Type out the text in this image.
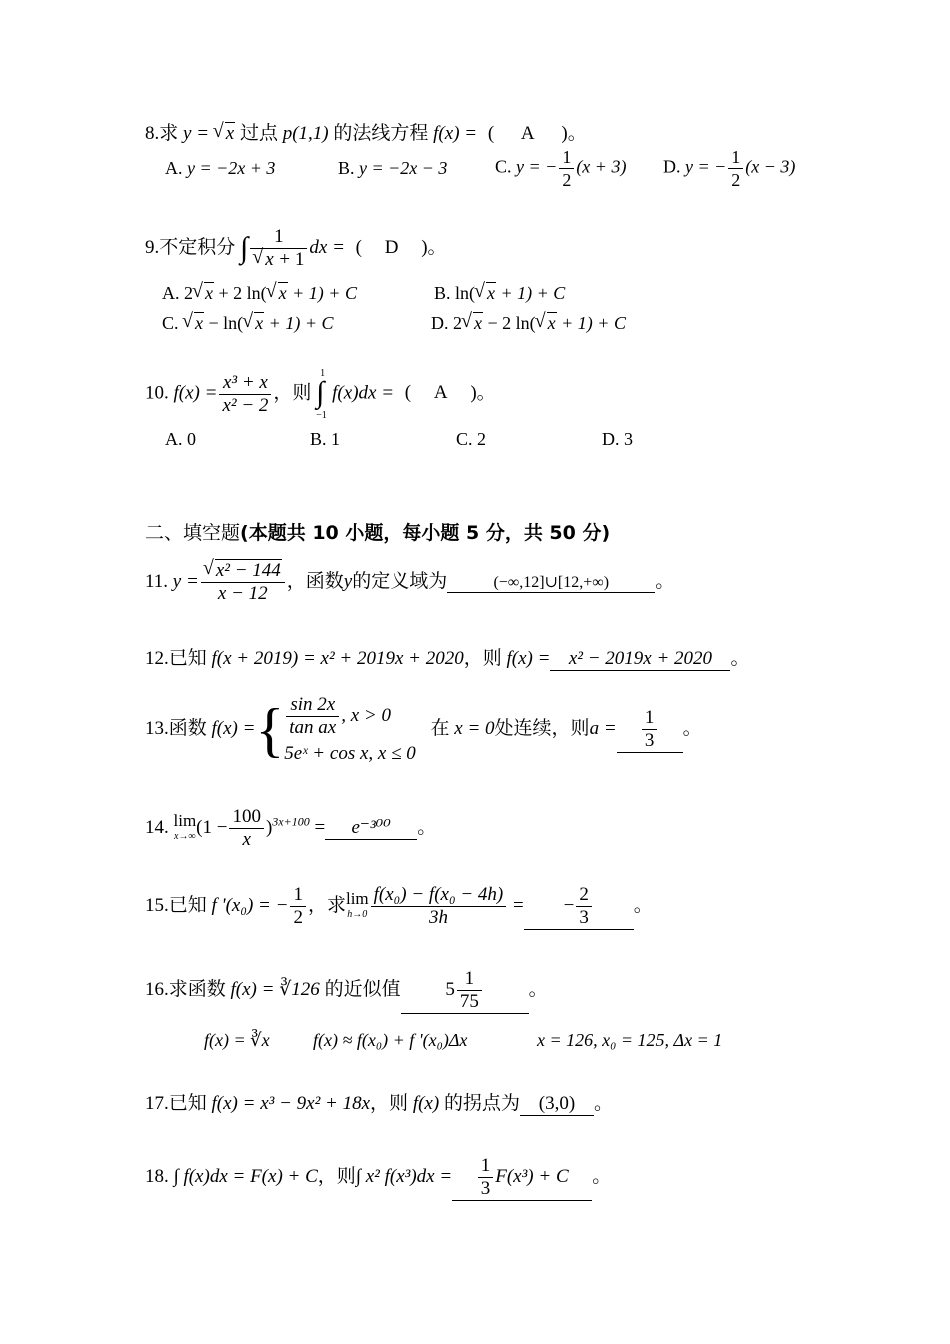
8.求 y = √ x 过点 p(1,1) 的法线方程 f(x) = ( A )。
A. y = −2x + 3	B. y = −2x − 3	C. y = − $\frac{1}{2} (x + 3)$ D. y = − $\frac{1}{2} (x - 3)$
9.不定积分 ∫ 1
√ x + 1 dx = ( D )。
A. 2 √ x + 2 ln( √ x + 1) + C	B. ln( √ x + 1) + C
C. √ x − ln( √ x + 1) + C	D. 2 √ x − 2 ln( √ x + 1) + C
10. $f(x) = \frac{\text{x³ + x}}{\text{x² − 2}}$ ，则
1
∫
−1
f(x)dx = ( A )。
A. 0	B. 1	C. 2	D. 3
二、填空题(本题共 10 小题，每小题 5 分，共 50 分)
11. y = √ $\frac{\text{x² − 144}}{x - 12}$ ，函数y的定义域为	(−∞,12]∪[12,+∞) 。
12.已知 f(x + 2019) = x² + 2019x + 2020，则 f(x) = x² − 2019x + 2020 。
13.函数 f(x) ={ $\frac{\sin 2x}{\text{tan ax}}$ , x > 0
5eˣ + cos x, x ≤ 0
在 x = 0处连续，则$a = \frac{1}{3}$ 。
14. lim
x→∞ $(1 - \frac{100}{x} )^{3x+100} = e^{-300}$ 。
15.已知 f '(x₀) = − $\frac{1}{2}$ ，求 lim
$h\to 0 \frac{\text{f(x₀) − f(x₀ − 4h)}}{3h}$ = − $\frac{2}{3}$ 。
16.求函数 f(x) = ∛126 的近似值 $5 \frac{1}{75}$ 。
f(x) = ∛x f(x) ≈ f(x₀) + f '(x₀)Δx	x = 126, x₀ = 125, Δx = 1
17.已知 f(x) = x³ − 9x² + 18x，则 f(x) 的拐点为 (3,0) 。
18. ∫ f(x)dx = F(x) + C，则∫ x² $f(x^3)dx = \frac{1}{3} F(x^3) + C$ 。
